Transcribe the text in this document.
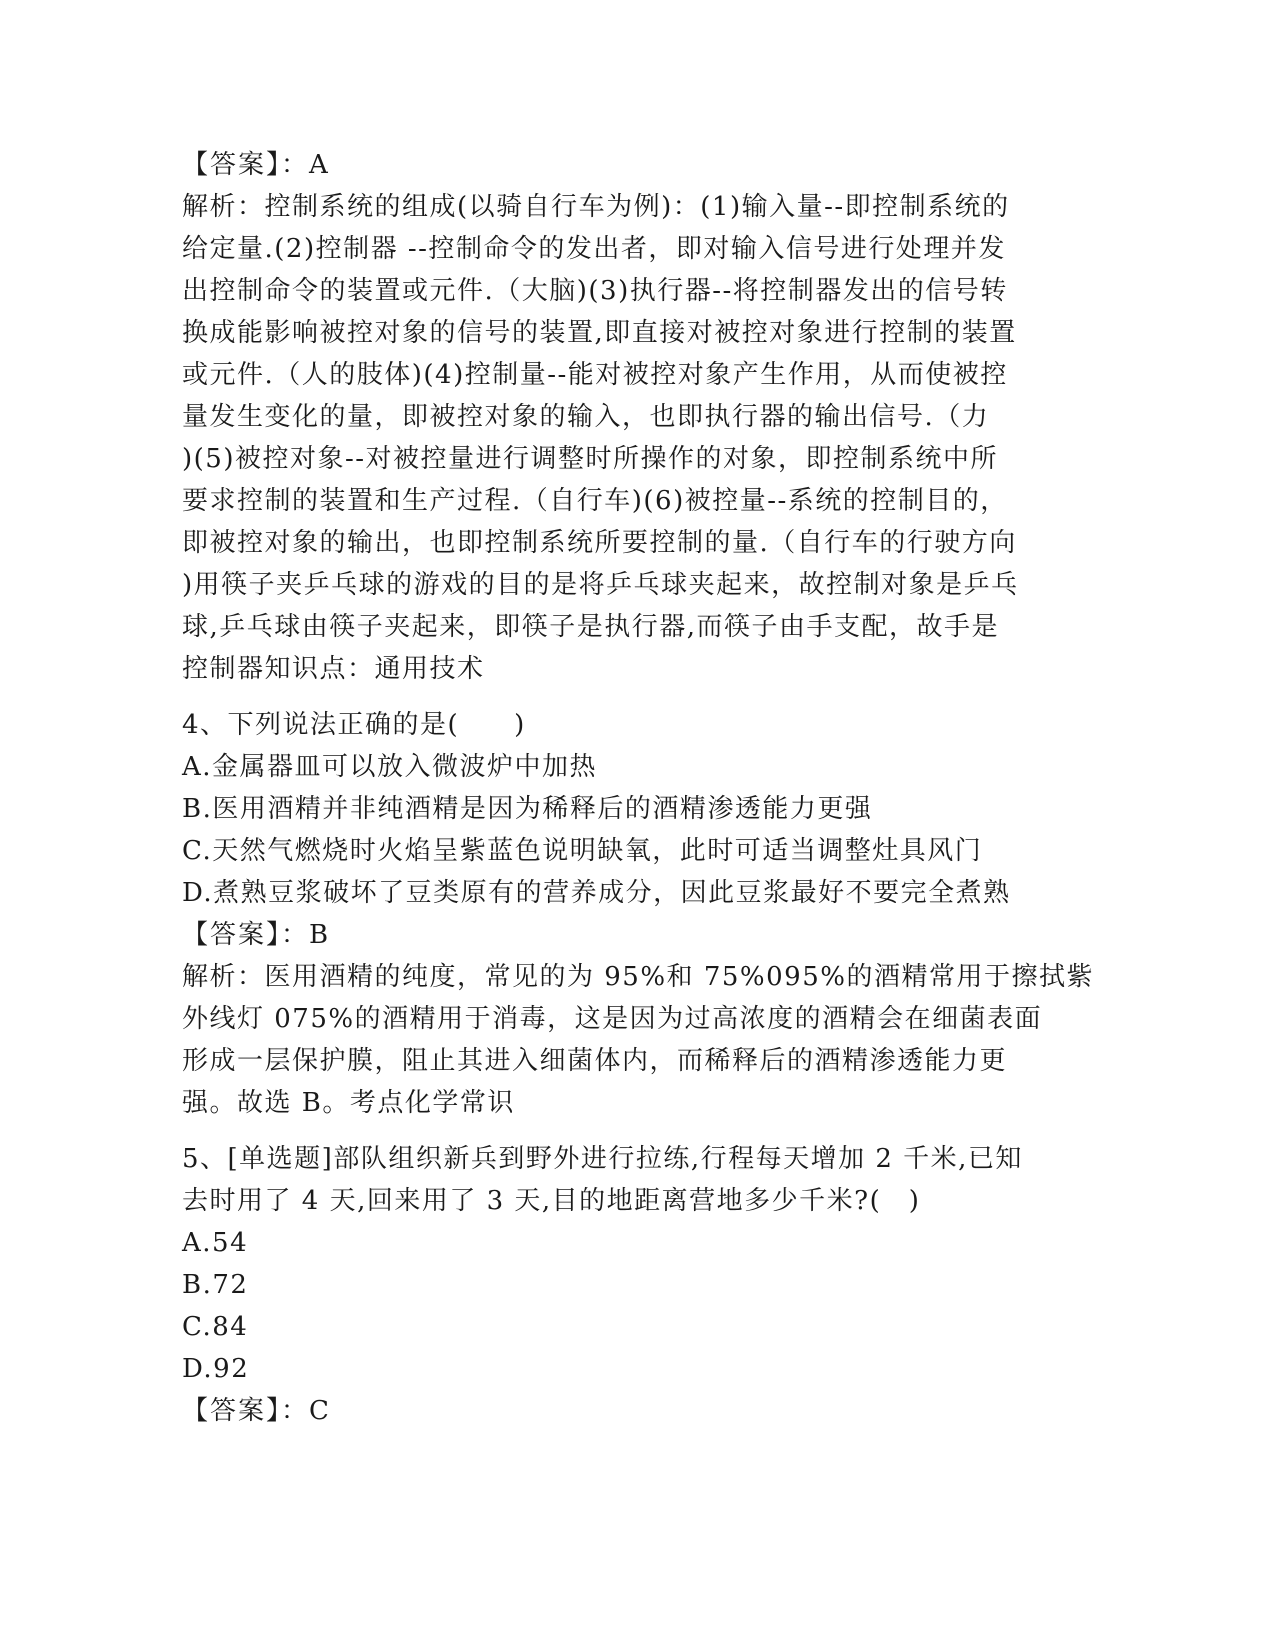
【答案】：A
解析：控制系统的组成(以骑自行车为例)：(1)输入量--即控制系统的
给定量.(2)控制器 --控制命令的发出者，即对输入信号进行处理并发
出控制命令的装置或元件.（大脑)(3)执行器--将控制器发出的信号转
换成能影响被控对象的信号的装置,即直接对被控对象进行控制的装置
或元件.（人的肢体)(4)控制量--能对被控对象产生作用，从而使被控
量发生变化的量，即被控对象的输入，也即执行器的输出信号.（力
)(5)被控对象--对被控量进行调整时所操作的对象，即控制系统中所
要求控制的装置和生产过程.（自行车)(6)被控量--系统的控制目的，
即被控对象的输出，也即控制系统所要控制的量.（自行车的行驶方向
)用筷子夹乒乓球的游戏的目的是将乒乓球夹起来，故控制对象是乒乓
球,乒乓球由筷子夹起来，即筷子是执行器,而筷子由手支配，故手是
控制器知识点：通用技术
4、下列说法正确的是(　　)
A.金属器皿可以放入微波炉中加热
B.医用酒精并非纯酒精是因为稀释后的酒精渗透能力更强
C.天然气燃烧时火焰呈紫蓝色说明缺氧，此时可适当调整灶具风门
D.煮熟豆浆破坏了豆类原有的营养成分，因此豆浆最好不要完全煮熟
【答案】：B
解析：医用酒精的纯度，常见的为 95%和 75%095%的酒精常用于擦拭紫
外线灯 075%的酒精用于消毒，这是因为过高浓度的酒精会在细菌表面
形成一层保护膜，阻止其进入细菌体内，而稀释后的酒精渗透能力更
强。故选 B。考点化学常识
5、[单选题]部队组织新兵到野外进行拉练,行程每天增加 2 千米,已知
去时用了 4 天,回来用了 3 天,目的地距离营地多少千米?(　)
A.54
B.72
C.84
D.92
【答案】：C
